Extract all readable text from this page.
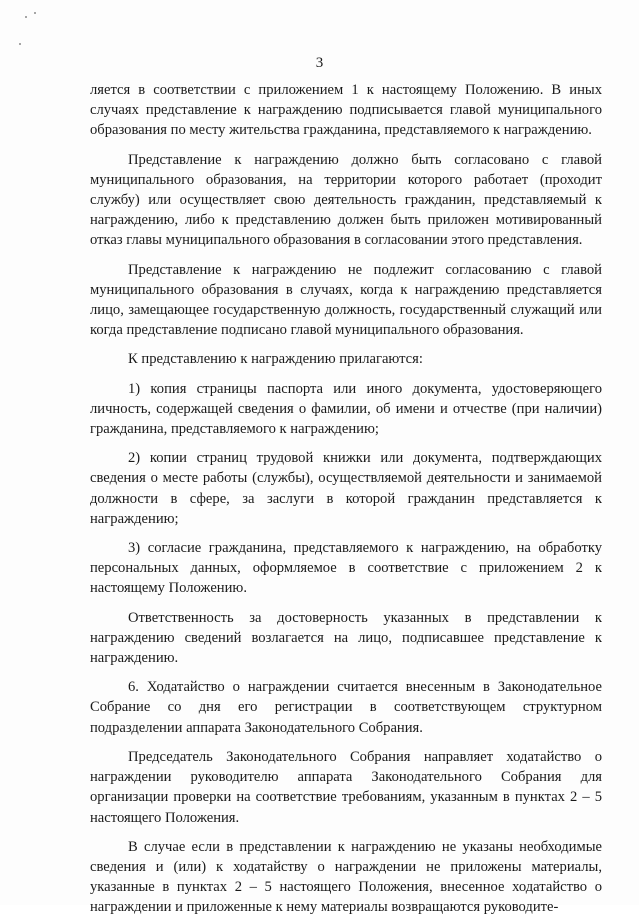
3

ляется в соответствии с приложением 1 к настоящему Положению. В иных случаях представление к награждению подписывается главой муниципального образования по месту жительства гражданина, представляемого к награждению.

Представление к награждению должно быть согласовано с главой муниципального образования, на территории которого работает (проходит службу) или осуществляет свою деятельность гражданин, представляемый к награждению, либо к представлению должен быть приложен мотивированный отказ главы муниципального образования в согласовании этого представления.

Представление к награждению не подлежит согласованию с главой муниципального образования в случаях, когда к награждению представляется лицо, замещающее государственную должность, государственный служащий или когда представление подписано главой муниципального образования.

К представлению к награждению прилагаются:

1) копия страницы паспорта или иного документа, удостоверяющего личность, содержащей сведения о фамилии, об имени и отчестве (при наличии) гражданина, представляемого к награждению;

2) копии страниц трудовой книжки или документа, подтверждающих сведения о месте работы (службы), осуществляемой деятельности и занимаемой должности в сфере, за заслуги в которой гражданин представляется к награждению;

3) согласие гражданина, представляемого к награждению, на обработку персональных данных, оформляемое в соответствие с приложением 2 к настоящему Положению.

Ответственность за достоверность указанных в представлении к награждению сведений возлагается на лицо, подписавшее представление к награждению.

6. Ходатайство о награждении считается внесенным в Законодательное Собрание со дня его регистрации в соответствующем структурном подразделении аппарата Законодательного Собрания.

Председатель Законодательного Собрания направляет ходатайство о награждении руководителю аппарата Законодательного Собрания для организации проверки на соответствие требованиям, указанным в пунктах 2 – 5 настоящего Положения.

В случае если в представлении к награждению не указаны необходимые сведения и (или) к ходатайству о награждении не приложены материалы, указанные в пунктах 2 – 5 настоящего Положения, внесенное ходатайство о награждении и приложенные к нему материалы возвращаются руководите-
